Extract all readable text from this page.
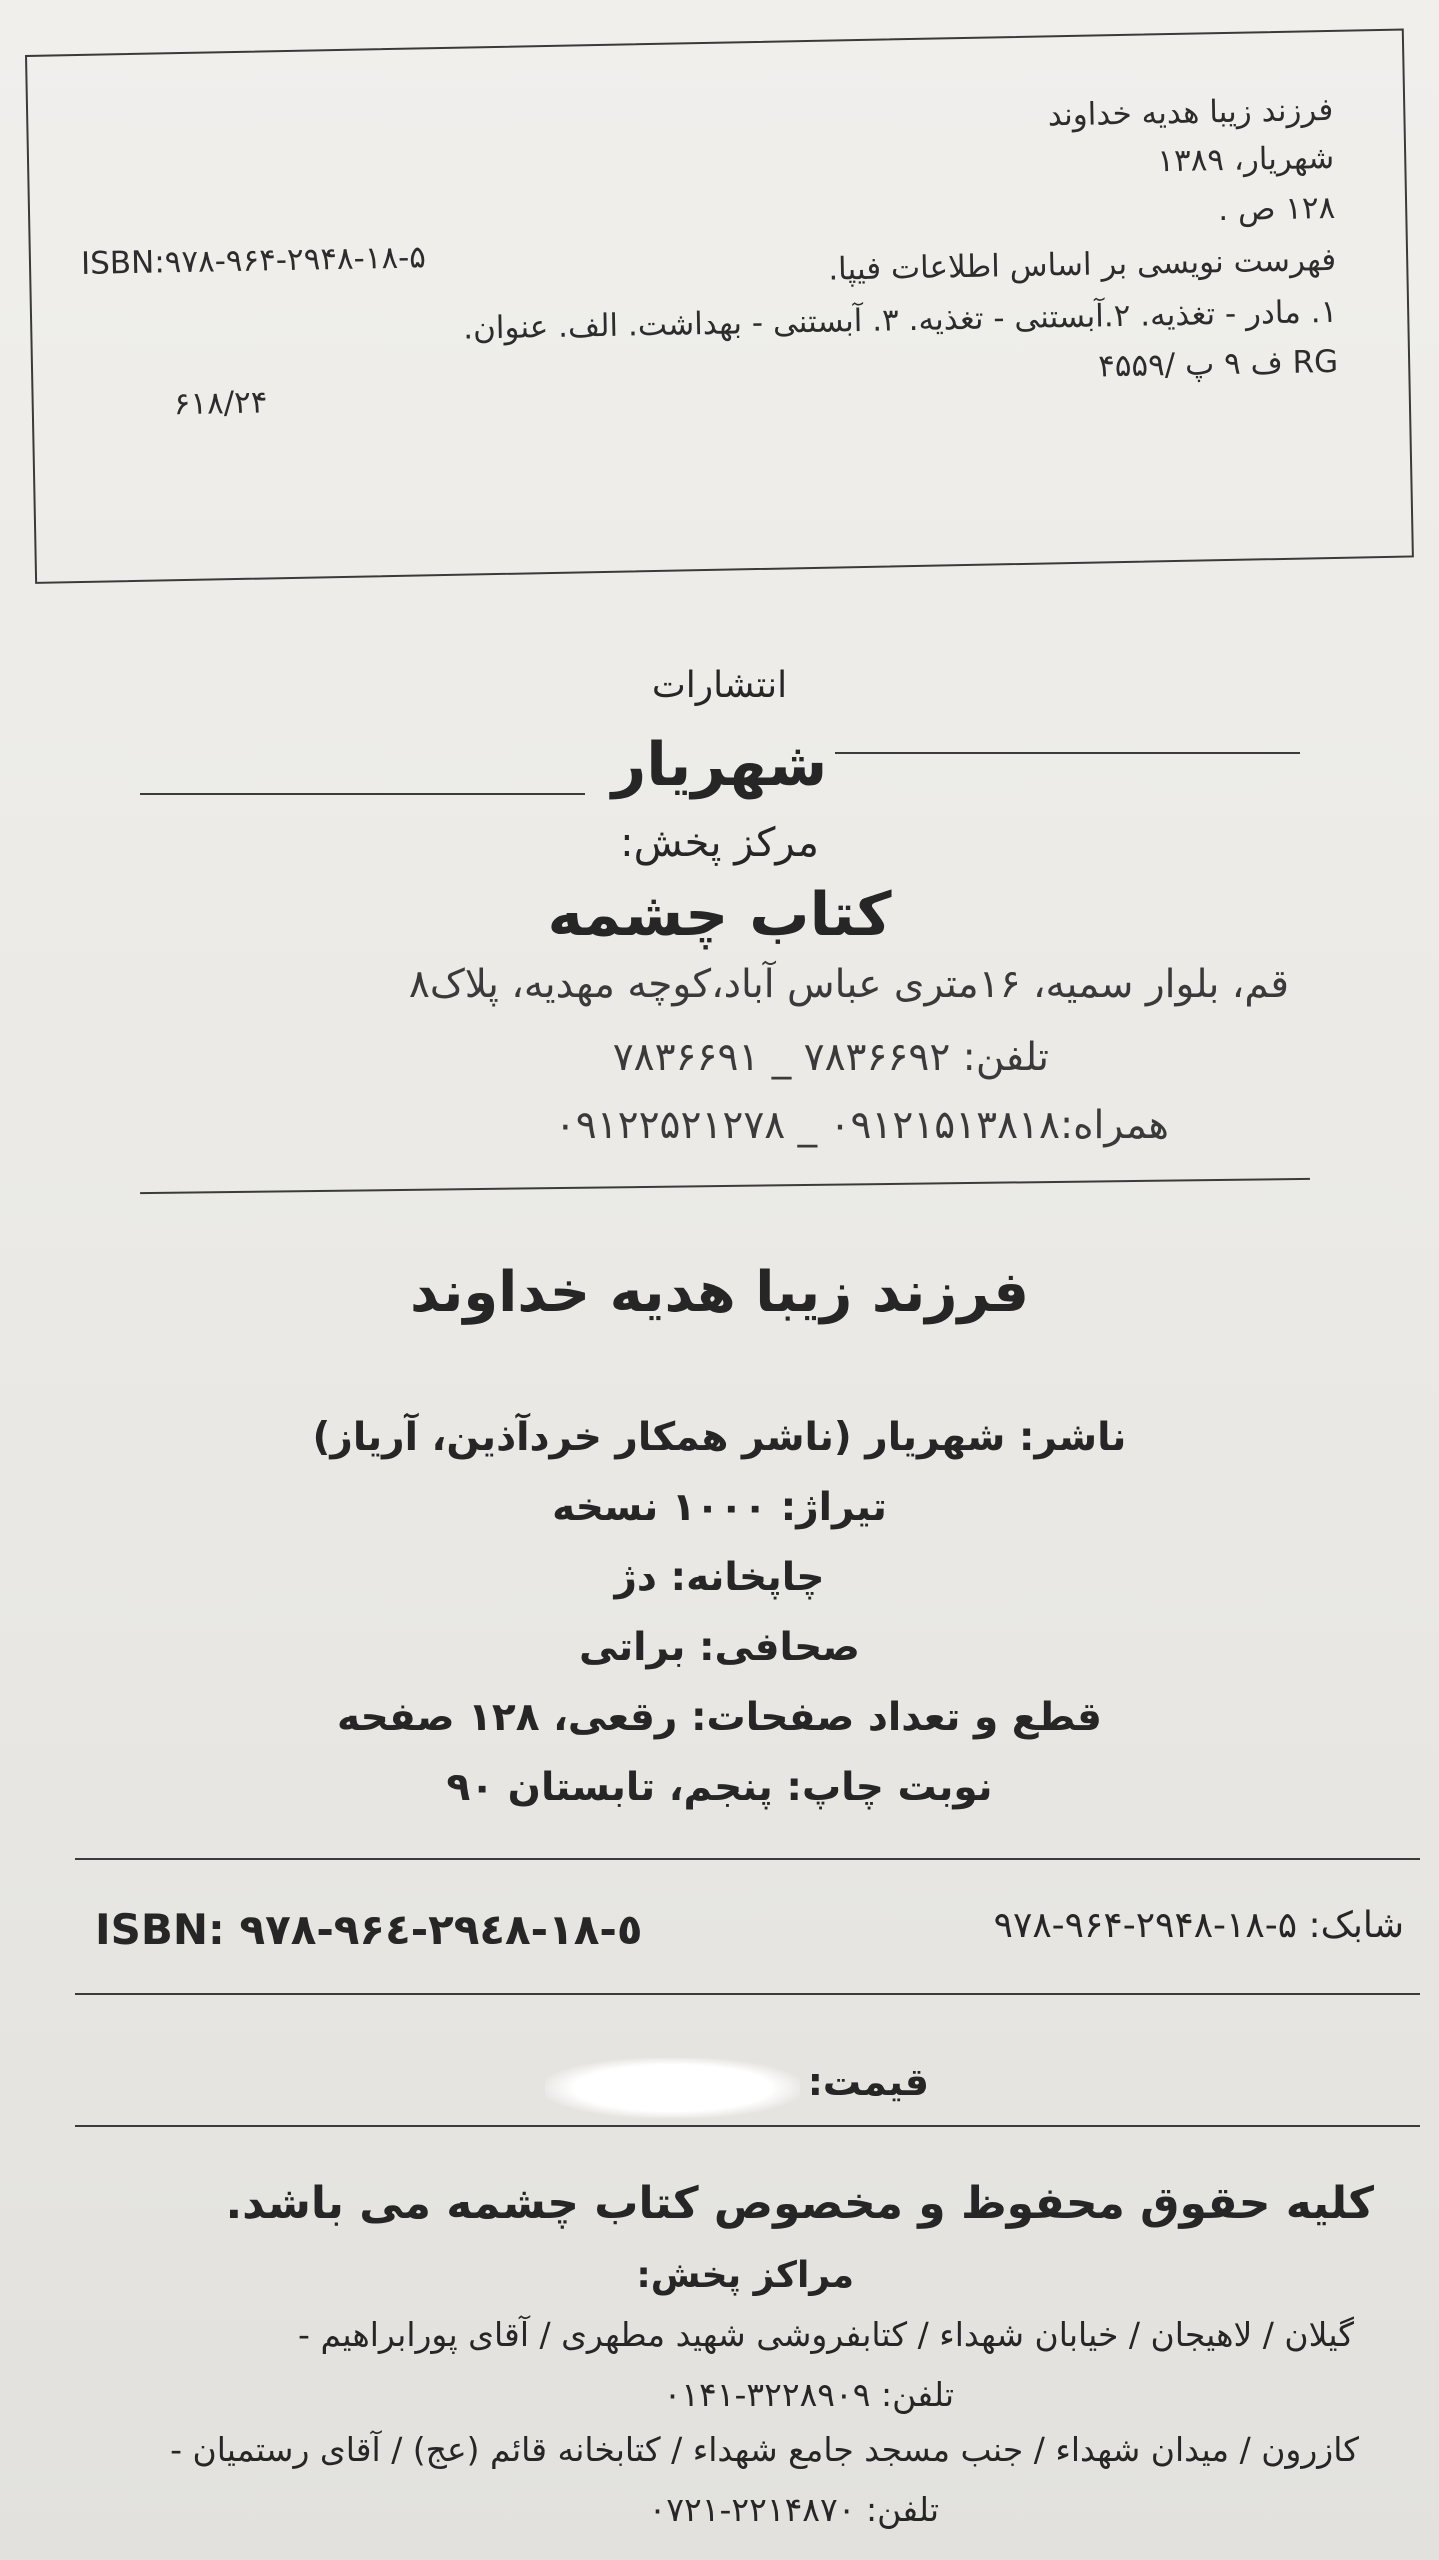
فرزند زیبا هدیه خداوند
شهریار، ۱۳۸۹
۱۲۸ ص .
فهرست نویسی بر اساس اطلاعات فیپا.
۱. مادر - تغذیه. ۲.آبستنی - تغذیه. ۳. آبستنی - بهداشت. الف. عنوان.
۴ف ۹ پ /۵۵۹ RG
ISBN:۹۷۸-۹۶۴-۲۹۴۸-۱۸-۵
۶۱۸/۲۴
انتشارات
شهریار
مرکز پخش:
کتاب چشمه
قم، بلوار سمیه، ۱۶متری عباس آباد،کوچه مهدیه، پلاک۸
تلفن: ۷۸۳۶۶۹۲ _ ۷۸۳۶۶۹۱
همراه:۰۹۱۲۱۵۱۳۸۱۸ _ ۰۹۱۲۲۵۲۱۲۷۸
فرزند زیبا هدیه خداوند
ناشر: شهریار (ناشر همکار خردآذین، آریاز)
تیراژ: ۱۰۰۰ نسخه
چاپخانه: دژ
صحافی: براتی
قطع و تعداد صفحات: رقعی، ۱۲۸ صفحه
نوبت چاپ: پنجم، تابستان ۹۰
ISBN: ۹۷۸-۹۶٤-۲۹٤۸-۱۸-٥	شابک: ۵-۱۸-۲۹۴۸-۹۶۴-۹۷۸
قیمت:
کلیه حقوق محفوظ و مخصوص کتاب چشمه می باشد.
مراکز پخش:
گیلان / لاهیجان / خیابان شهداء / کتابفروشی شهید مطهری / آقای پورابراهیم -
تلفن: ۳۲۲۸۹۰۹-۰۱۴۱
کازرون / میدان شهداء / جنب مسجد جامع شهداء / کتابخانه قائم (عج) / آقای رستمیان -
تلفن: ۲۲۱۴۸۷۰-۰۷۲۱
